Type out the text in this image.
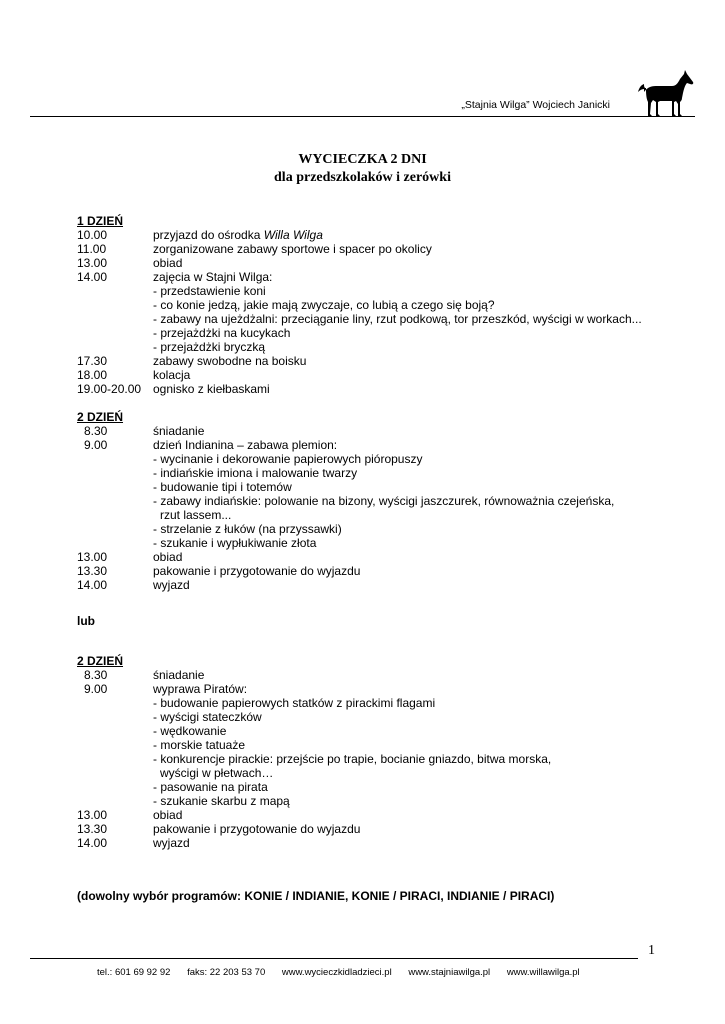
„Stajnia Wilga” Wojciech Janicki
WYCIECZKA 2 DNI
dla przedszkolaków i zerówki
1 DZIEŃ
10.00	przyjazd do ośrodka Willa Wilga
11.00	zorganizowane zabawy sportowe i spacer po okolicy
13.00	obiad
14.00	zajęcia w Stajni Wilga:
- przedstawienie koni
- co konie jedzą, jakie mają zwyczaje, co lubią a czego się boją?
- zabawy na ujeżdżalni: przeciąganie liny, rzut podkową, tor przeszkód, wyścigi w workach...
- przejażdżki na kucykach
- przejażdżki bryczką
17.30	zabawy swobodne na boisku
18.00	kolacja
19.00-20.00 ognisko z kiełbaskami
2 DZIEŃ
8.30	śniadanie
9.00	dzień Indianina – zabawa plemion:
- wycinanie i dekorowanie papierowych pióropuszy
- indiańskie imiona i malowanie twarzy
- budowanie tipi i totemów
- zabawy indiańskie: polowanie na bizony, wyścigi jaszczurek, równoważnia czejeńska,
rzut lassem...
- strzelanie z łuków (na przyssawki)
- szukanie i wypłukiwanie złota
13.00	obiad
13.30	pakowanie i przygotowanie do wyjazdu
14.00	wyjazd
lub
2 DZIEŃ
8.30	śniadanie
9.00	wyprawa Piratów:
- budowanie papierowych statków z pirackimi flagami
- wyścigi stateczków
- wędkowanie
- morskie tatuaże
- konkurencje pirackie: przejście po trapie, bocianie gniazdo, bitwa morska,
wyścigi w płetwach…
- pasowanie na pirata
- szukanie skarbu z mapą
13.00	obiad
13.30	pakowanie i przygotowanie do wyjazdu
14.00	wyjazd
(dowolny wybór programów: KONIE / INDIANIE, KONIE / PIRACI, INDIANIE / PIRACI)
1
tel.: 601 69 92 92 faks: 22 203 53 70 www.wycieczkidladzieci.pl www.stajniawilga.pl www.willawilga.pl
